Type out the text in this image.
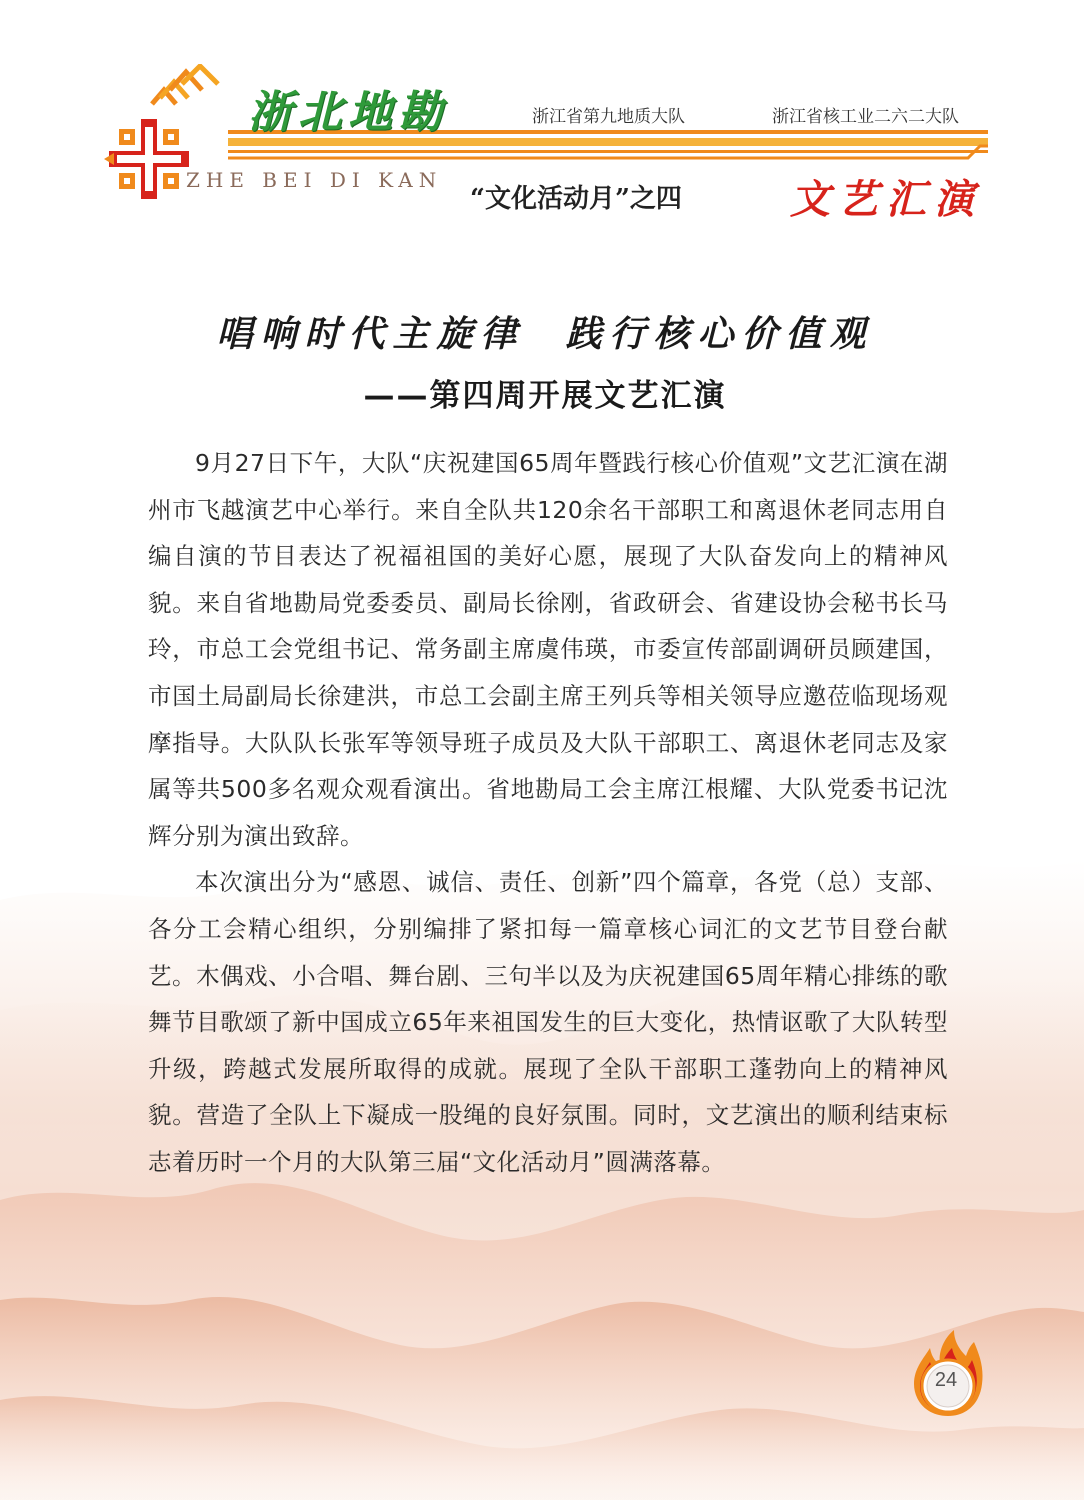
浙北地勘
ZHE BEI DI KAN
浙江省第九地质大队	浙江省核工业二六二大队
“文化活动月”之四	文艺汇演
唱响时代主旋律  践行核心价值观
——第四周开展文艺汇演

9月27日下午，大队“庆祝建国65周年暨践行核心价值观”文艺汇演在湖州市飞越演艺中心举行。来自全队共120余名干部职工和离退休老同志用自编自演的节目表达了祝福祖国的美好心愿，展现了大队奋发向上的精神风貌。来自省地勘局党委委员、副局长徐刚，省政研会、省建设协会秘书长马玲，市总工会党组书记、常务副主席虞伟瑛，市委宣传部副调研员顾建国，市国土局副局长徐建洪，市总工会副主席王列兵等相关领导应邀莅临现场观摩指导。大队队长张军等领导班子成员及大队干部职工、离退休老同志及家属等共500多名观众观看演出。省地勘局工会主席江根耀、大队党委书记沈辉分别为演出致辞。

本次演出分为“感恩、诚信、责任、创新”四个篇章，各党（总）支部、各分工会精心组织，分别编排了紧扣每一篇章核心词汇的文艺节目登台献艺。木偶戏、小合唱、舞台剧、三句半以及为庆祝建国65周年精心排练的歌舞节目歌颂了新中国成立65年来祖国发生的巨大变化，热情讴歌了大队转型升级，跨越式发展所取得的成就。展现了全队干部职工蓬勃向上的精神风貌。营造了全队上下凝成一股绳的良好氛围。同时，文艺演出的顺利结束标志着历时一个月的大队第三届“文化活动月”圆满落幕。

24
